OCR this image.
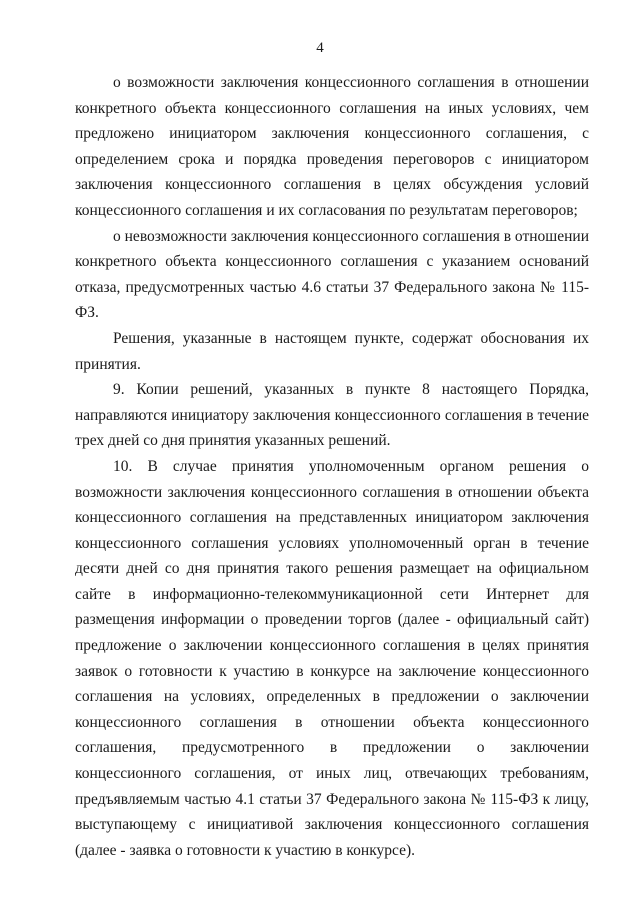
4

о возможности заключения концессионного соглашения в отношении конкретного объекта концессионного соглашения на иных условиях, чем предложено инициатором заключения концессионного соглашения, с определением срока и порядка проведения переговоров с инициатором заключения концессионного соглашения в целях обсуждения условий концессионного соглашения и их согласования по результатам переговоров;

о невозможности заключения концессионного соглашения в отношении конкретного объекта концессионного соглашения с указанием оснований отказа, предусмотренных частью 4.6 статьи 37 Федерального закона № 115-ФЗ.

Решения, указанные в настоящем пункте, содержат обоснования их принятия.

9. Копии решений, указанных в пункте 8 настоящего Порядка, направляются инициатору заключения концессионного соглашения в течение трех дней со дня принятия указанных решений.

10. В случае принятия уполномоченным органом решения о возможности заключения концессионного соглашения в отношении объекта концессионного соглашения на представленных инициатором заключения концессионного соглашения условиях уполномоченный орган в течение десяти дней со дня принятия такого решения размещает на официальном сайте в информационно-телекоммуникационной сети Интернет для размещения информации о проведении торгов (далее - официальный сайт) предложение о заключении концессионного соглашения в целях принятия заявок о готовности к участию в конкурсе на заключение концессионного соглашения на условиях, определенных в предложении о заключении концессионного соглашения в отношении объекта концессионного соглашения, предусмотренного в предложении о заключении концессионного соглашения, от иных лиц, отвечающих требованиям, предъявляемым частью 4.1 статьи 37 Федерального закона № 115-ФЗ к лицу, выступающему с инициативой заключения концессионного соглашения (далее - заявка о готовности к участию в конкурсе).
